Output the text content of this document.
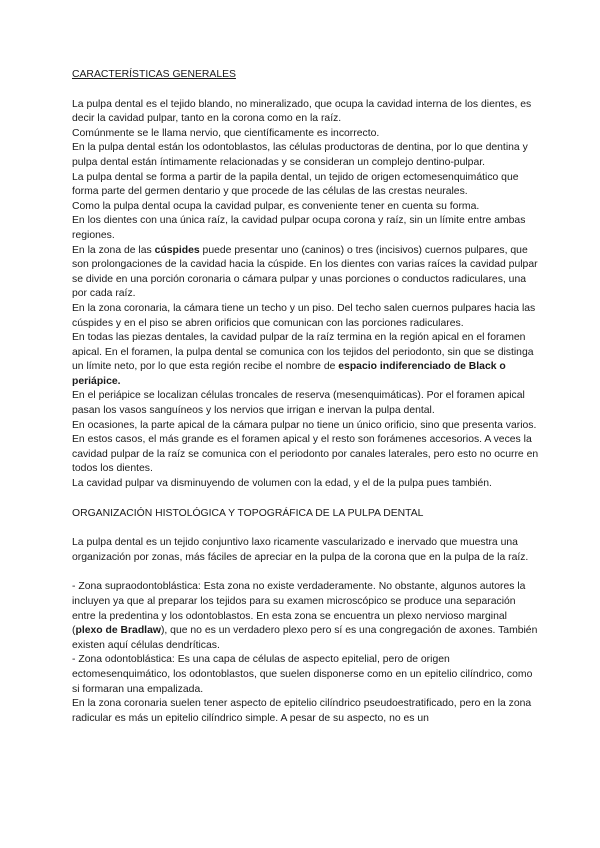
CARACTERÍSTICAS GENERALES

La pulpa dental es el tejido blando, no mineralizado, que ocupa la cavidad interna de los dientes, es decir la cavidad pulpar, tanto en la corona como en la raíz.

Comúnmente se le llama nervio, que científicamente es incorrecto.

En la pulpa dental están los odontoblastos, las células productoras de dentina, por lo que dentina y pulpa dental están íntimamente relacionadas y se consideran un complejo dentino-pulpar.

La pulpa dental se forma a partir de la papila dental, un tejido de origen ectomesenquimático que forma parte del germen dentario y que procede de las células de las crestas neurales.

Como la pulpa dental ocupa la cavidad pulpar, es conveniente tener en cuenta su forma.

En los dientes con una única raíz, la cavidad pulpar ocupa corona y raíz, sin un límite entre ambas regiones.

En la zona de las cúspides puede presentar uno (caninos) o tres (incisivos) cuernos pulpares, que son prolongaciones de la cavidad hacia la cúspide. En los dientes con varias raíces la cavidad pulpar se divide en una porción coronaria o cámara pulpar y unas porciones o conductos radiculares, una por cada raíz.

En la zona coronaria, la cámara tiene un techo y un piso. Del techo salen cuernos pulpares hacia las cúspides y en el piso se abren orificios que comunican con las porciones radiculares.

En todas las piezas dentales, la cavidad pulpar de la raíz termina en la región apical en el foramen apical. En el foramen, la pulpa dental se comunica con los tejidos del periodonto, sin que se distinga un límite neto, por lo que esta región recibe el nombre de espacio indiferenciado de Black o periápice.

En el periápice se localizan células troncales de reserva (mesenquimáticas). Por el foramen apical pasan los vasos sanguíneos y los nervios que irrigan e inervan la pulpa dental.

En ocasiones, la parte apical de la cámara pulpar no tiene un único orificio, sino que presenta varios. En estos casos, el más grande es el foramen apical y el resto son forámenes accesorios. A veces la cavidad pulpar de la raíz se comunica con el periodonto por canales laterales, pero esto no ocurre en todos los dientes.

La cavidad pulpar va disminuyendo de volumen con la edad, y el de la pulpa pues también.

ORGANIZACIÓN HISTOLÓGICA Y TOPOGRÁFICA DE LA PULPA DENTAL

La pulpa dental es un tejido conjuntivo laxo ricamente vascularizado e inervado que muestra una organización por zonas, más fáciles de apreciar en la pulpa de la corona que en la pulpa de la raíz.

- Zona supraodontoblástica: Esta zona no existe verdaderamente. No obstante, algunos autores la incluyen ya que al preparar los tejidos para su examen microscópico se produce una separación entre la predentina y los odontoblastos. En esta zona se encuentra un plexo nervioso marginal (plexo de Bradlaw), que no es un verdadero plexo pero sí es una congregación de axones. También existen aquí células dendríticas.

- Zona odontoblástica: Es una capa de células de aspecto epitelial, pero de origen ectomesenquimático, los odontoblastos, que suelen disponerse como en un epitelio cilíndrico, como si formaran una empalizada.

En la zona coronaria suelen tener aspecto de epitelio cilíndrico pseudoestratificado, pero en la zona radicular es más un epitelio cilíndrico simple. A pesar de su aspecto, no es un
